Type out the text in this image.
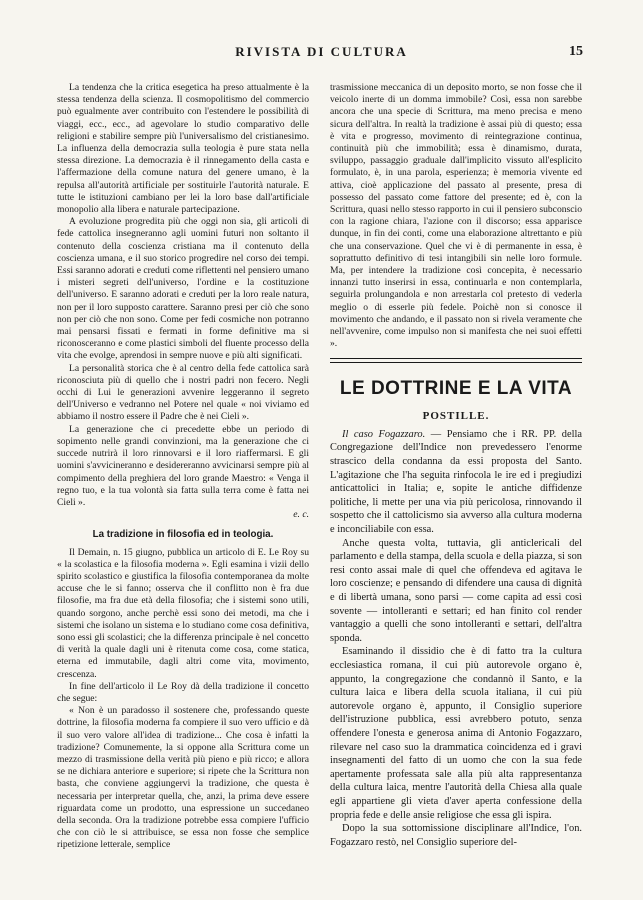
RIVISTA DI CULTURA	15

La tendenza che la critica esegetica ha preso attualmente è la stessa tendenza della scienza. Il cosmopolitismo del commercio può egualmente aver contribuito con l'estendere le possibilità di viaggi, ecc., ecc., ad agevolare lo studio comparativo delle religioni e stabilire sempre più l'universalismo del cristianesimo. La influenza della democrazia sulla teologia è pure stata nella stessa direzione. La democrazia è il rinnegamento della casta e l'affermazione della comune natura del genere umano, è la repulsa all'autorità artificiale per sostituirle l'autorità naturale. E tutte le istituzioni cambiano per lei la loro base dall'artificiale monopolio alla libera e naturale partecipazione.

A evoluzione progredita più che oggi non sia, gli articoli di fede cattolica insegneranno agli uomini futuri non soltanto il contenuto della coscienza cristiana ma il contenuto della coscienza umana, e il suo storico progredire nel corso dei tempi. Essi saranno adorati e creduti come riflettenti nel pensiero umano i misteri segreti dell'universo, l'ordine e la costituzione dell'universo. E saranno adorati e creduti per la loro reale natura, non per il loro supposto carattere. Saranno presi per ciò che sono non per ciò che non sono. Come per fedi cosmiche non potranno mai pensarsi fissati e fermati in forme definitive ma si riconosceranno e come plastici simboli del fluente processo della vita che evolge, aprendosi in sempre nuove e più alti significati.

La personalità storica che è al centro della fede cattolica sarà riconosciuta più di quello che i nostri padri non fecero. Negli occhi di Lui le generazioni avvenire leggeranno il segreto dell'Universo e vedranno nel Potere nel quale « noi viviamo ed abbiamo il nostro essere il Padre che è nei Cieli ».

La generazione che ci precedette ebbe un periodo di sopimento nelle grandi convinzioni, ma la generazione che ci succede nutrirà il loro rinnovarsi e il loro riaffermarsi. E gli uomini s'avvicineranno e desidereranno avvicinarsi sempre più al compimento della preghiera del loro grande Maestro: « Venga il regno tuo, e la tua volontà sia fatta sulla terra come è fatta nei Cieli ».

e. c.

La tradizione in filosofia ed in teologia.

Il Demain, n. 15 giugno, pubblica un articolo di E. Le Roy su « la scolastica e la filosofia moderna ». Egli esamina i vizii dello spirito scolastico e giustifica la filosofia contemporanea da molte accuse che le si fanno; osserva che il conflitto non è fra due filosofie, ma fra due età della filosofia; che i sistemi sono utili, quando sorgono, anche perchè essi sono dei metodi, ma che i sistemi che isolano un sistema e lo studiano come cosa definitiva, sono essi gli scolastici; che la differenza principale è nel concetto di verità la quale dagli uni è ritenuta come cosa, come statica, eterna ed immutabile, dagli altri come vita, movimento, crescenza.

In fine dell'articolo il Le Roy dà della tradizione il concetto che segue:

« Non è un paradosso il sostenere che, professando queste dottrine, la filosofia moderna fa compiere il suo vero ufficio e dà il suo vero valore all'idea di tradizione... Che cosa è infatti la tradizione? Comunemente, la si oppone alla Scrittura come un mezzo di trasmissione della verità più pieno e più ricco; e allora se ne dichiara anteriore e superiore; si ripete che la Scrittura non basta, che conviene aggiungervi la tradizione, che questa è necessaria per interpretar quella, che, anzi, la prima deve essere riguardata come un prodotto, una espressione un succedaneo della seconda. Ora la tradizione potrebbe essa compiere l'ufficio che con ciò le si attribuisce, se essa non fosse che semplice ripetizione letterale, semplice

trasmissione meccanica di un deposito morto, se non fosse che il veicolo inerte di un domma immobile? Così, essa non sarebbe ancora che una specie di Scrittura, ma meno precisa e meno sicura dell'altra. In realtà la tradizione è assai più di questo; essa è vita e progresso, movimento di reintegrazione continua, continuità più che immobilità; essa è dinamismo, durata, sviluppo, passaggio graduale dall'implicito vissuto all'esplicito formulato, è, in una parola, esperienza; è memoria vivente ed attiva, cioè applicazione del passato al presente, presa di possesso del passato come fattore del presente; ed è, con la Scrittura, quasi nello stesso rapporto in cui il pensiero subconscio con la ragione chiara, l'azione con il discorso; essa apparisce dunque, in fin dei conti, come una elaborazione altrettanto e più che una conservazione. Quel che vi è di permanente in essa, è soprattutto definitivo di tesi intangibili sin nelle loro formule. Ma, per intendere la tradizione così concepita, è necessario innanzi tutto inserirsi in essa, continuarla e non contemplarla, seguirla prolungandola e non arrestarla col pretesto di vederla meglio o di esserle più fedele. Poichè non si conosce il movimento che andando, e il passato non si rivela veramente che nell'avvenire, come impulso non si manifesta che nei suoi effetti ».

LE DOTTRINE E LA VITA
POSTILLE.

Il caso Fogazzaro. — Pensiamo che i RR. PP. della Congregazione dell'Indice non prevedessero l'enorme strascico della condanna da essi proposta del Santo. L'agitazione che l'ha seguita rinfocola le ire ed i pregiudizi anticattolici in Italia; e, sopite le antiche diffidenze politiche, li mette per una via più pericolosa, rinnovando il sospetto che il cattolicismo sia avverso alla cultura moderna e inconciliabile con essa.

Anche questa volta, tuttavia, gli anticlericali del parlamento e della stampa, della scuola e della piazza, si son resi conto assai male di quel che offendeva ed agitava le loro coscienze; e pensando di difendere una causa di dignità e di libertà umana, sono parsi — come capita ad essi così sovente — intolleranti e settari; ed han finito col render vantaggio a quelli che sono intolleranti e settari, dell'altra sponda.

Esaminando il dissidio che è di fatto tra la cultura ecclesiastica romana, il cui più autorevole organo è, appunto, la congregazione che condannò il Santo, e la cultura laica e libera della scuola italiana, il cui più autorevole organo è, appunto, il Consiglio superiore dell'istruzione pubblica, essi avrebbero potuto, senza offendere l'onesta e generosa anima di Antonio Fogazzaro, rilevare nel caso suo la drammatica coincidenza ed i gravi insegnamenti del fatto di un uomo che con la sua fede apertamente professata sale alla più alta rappresentanza della cultura laica, mentre l'autorità della Chiesa alla quale egli appartiene gli vieta d'aver aperta confessione della propria fede e delle ansie religiose che essa gli ispira.

Dopo la sua sottomissione disciplinare all'Indice, l'on. Fogazzaro restò, nel Consiglio superiore del-
